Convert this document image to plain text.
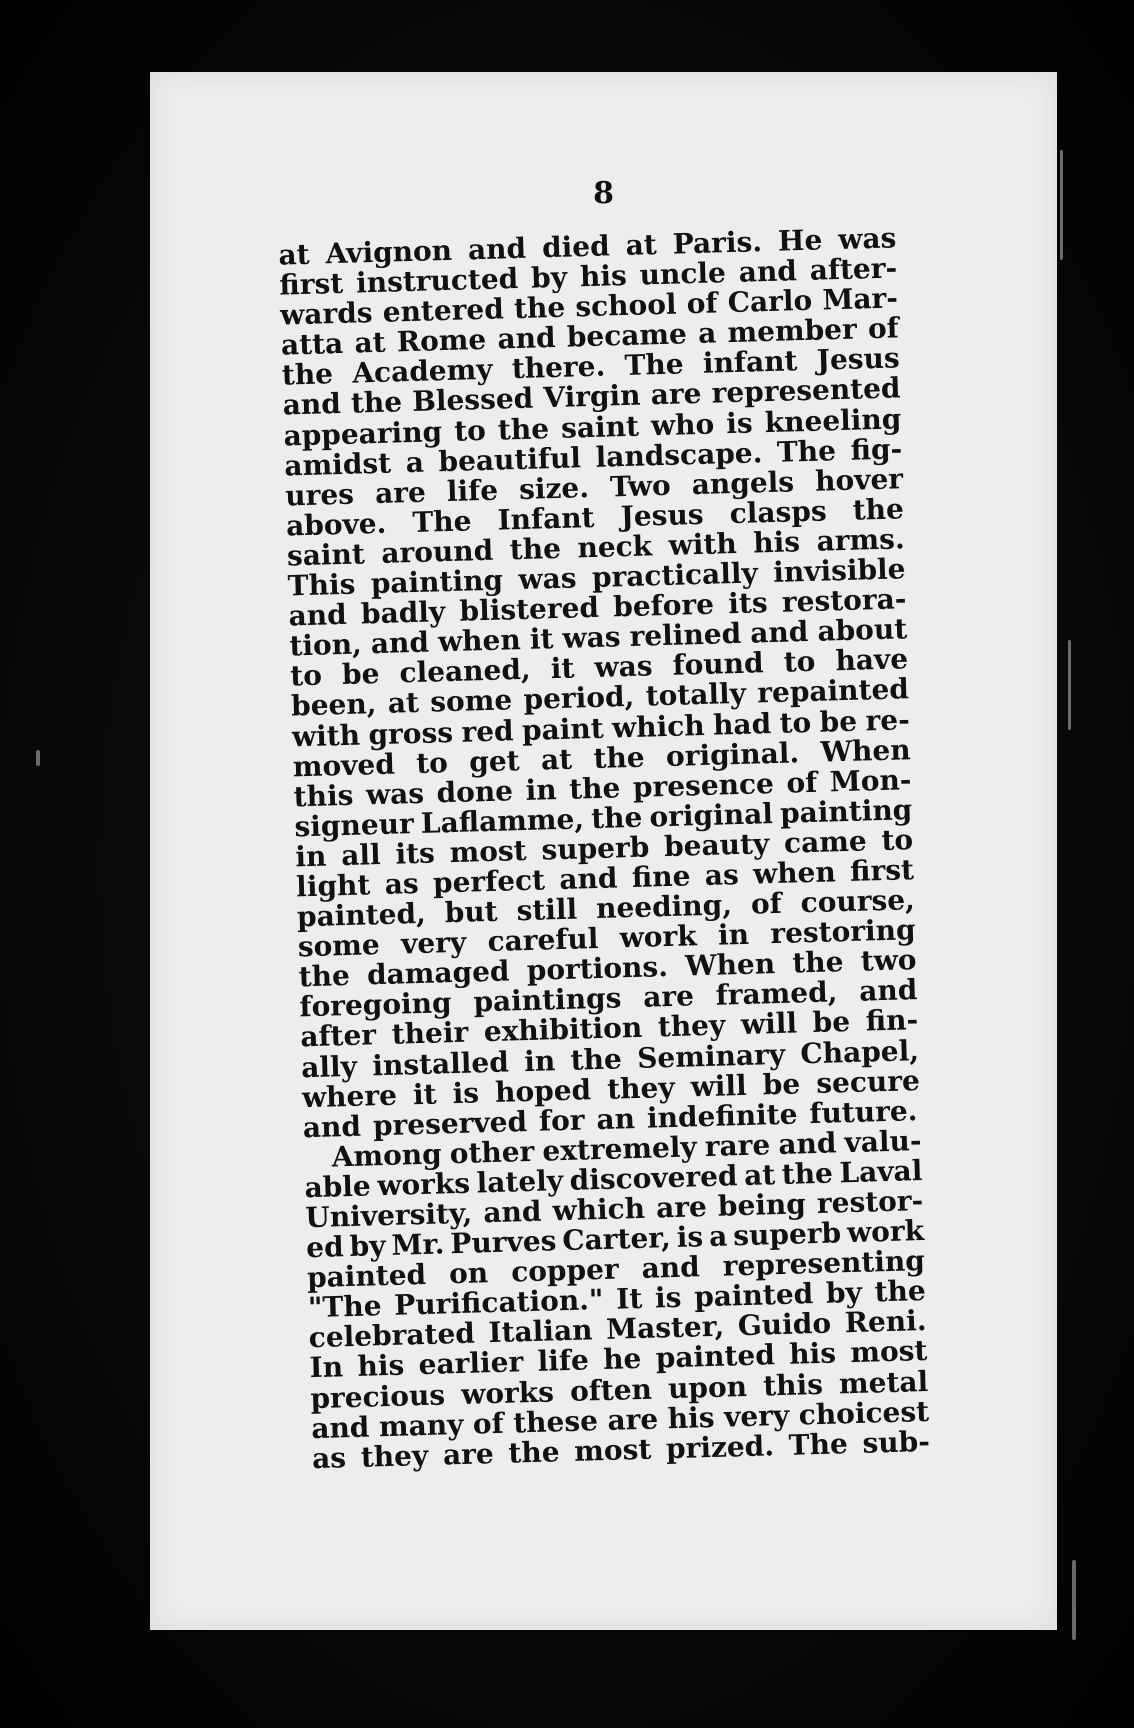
8
at Avignon and died at Paris. He was
first instructed by his uncle and after-
wards entered the school of Carlo Mar-
atta at Rome and became a member of
the Academy there. The infant Jesus
and the Blessed Virgin are represented
appearing to the saint who is kneeling
amidst a beautiful landscape. The fig-
ures are life size. Two angels hover
above. The Infant Jesus clasps the
saint around the neck with his arms.
This painting was practically invisible
and badly blistered before its restora-
tion, and when it was relined and about
to be cleaned, it was found to have
been, at some period, totally repainted
with gross red paint which had to be re-
moved to get at the original. When
this was done in the presence of Mon-
signeur Laflamme, the original painting
in all its most superb beauty came to
light as perfect and fine as when first
painted, but still needing, of course,
some very careful work in restoring
the damaged portions. When the two
foregoing paintings are framed, and
after their exhibition they will be fin-
ally installed in the Seminary Chapel,
where it is hoped they will be secure
and preserved for an indefinite future.
Among other extremely rare and valu-
able works lately discovered at the Laval
University, and which are being restor-
ed by Mr. Purves Carter, is a superb work
painted on copper and representing
"The Purification." It is painted by the
celebrated Italian Master, Guido Reni.
In his earlier life he painted his most
precious works often upon this metal
and many of these are his very choicest
as they are the most prized. The sub-
